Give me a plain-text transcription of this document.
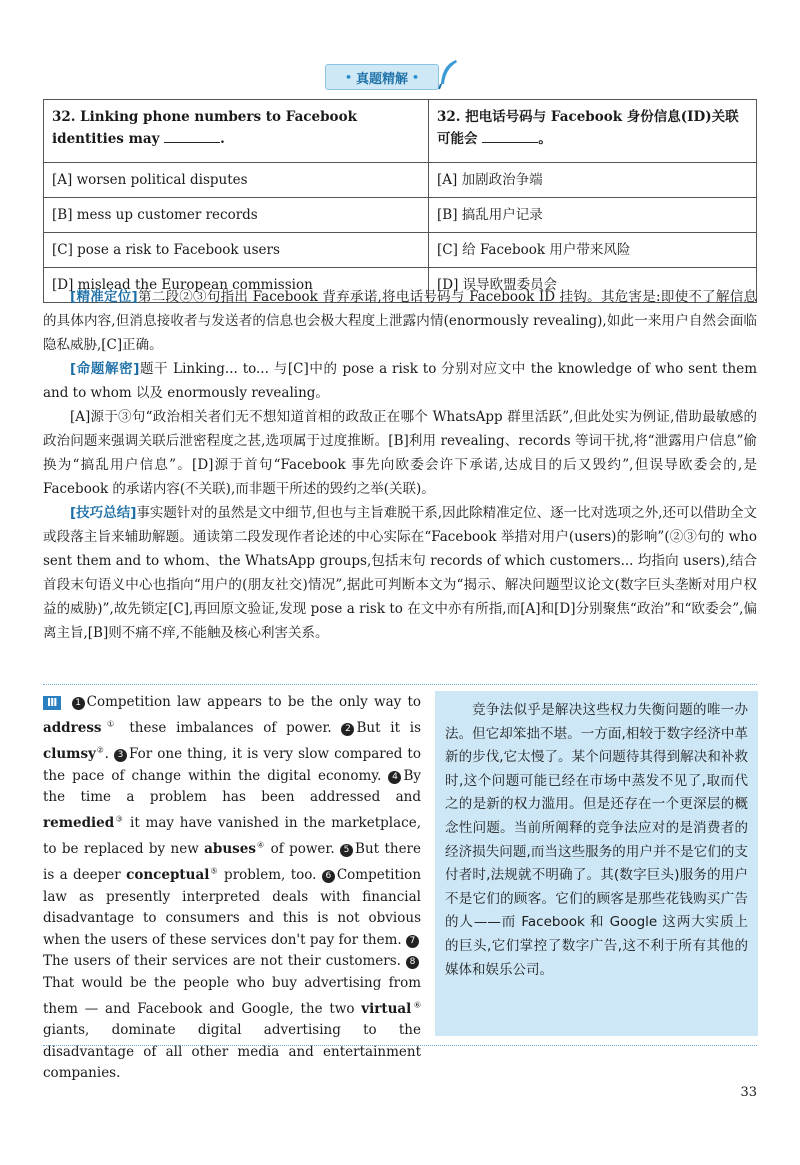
• 真题精解 •
32. Linking phone numbers to Facebook identities may .	32. 把电话号码与 Facebook 身份信息(ID)关联可能会 。
[A] worsen political disputes	[A] 加剧政治争端
[B] mess up customer records	[B] 搞乱用户记录
[C] pose a risk to Facebook users	[C] 给 Facebook 用户带来风险
[D] mislead the European commission	[D] 误导欧盟委员会

[精准定位]第二段②③句指出 Facebook 背弃承诺,将电话号码与 Facebook ID 挂钩。其危害是:即使不了解信息的具体内容,但消息接收者与发送者的信息也会极大程度上泄露内情(enormously revealing),如此一来用户自然会面临隐私威胁,[C]正确。

[命题解密]题干 Linking... to... 与[C]中的 pose a risk to 分别对应文中 the knowledge of who sent them and to whom 以及 enormously revealing。

[A]源于③句“政治相关者们无不想知道首相的政敌正在哪个 WhatsApp 群里活跃”,但此处实为例证,借助最敏感的政治问题来强调关联后泄密程度之甚,选项属于过度推断。[B]利用 revealing、records 等词干扰,将“泄露用户信息”偷换为“搞乱用户信息”。[D]源于首句“Facebook 事先向欧委会许下承诺,达成目的后又毁约”,但误导欧委会的,是 Facebook 的承诺内容(不关联),而非题干所述的毁约之举(关联)。

[技巧总结]事实题针对的虽然是文中细节,但也与主旨难脱干系,因此除精准定位、逐一比对选项之外,还可以借助全文或段落主旨来辅助解题。通读第二段发现作者论述的中心实际在“Facebook 举措对用户(users)的影响”(②③句的 who sent them and to whom、the WhatsApp groups,包括末句 records of which customers... 均指向 users),结合首段末句语义中心也指向“用户的(朋友社交)情况”,据此可判断本文为“揭示、解决问题型议论文(数字巨头垄断对用户权益的威胁)”,故先锁定[C],再回原文验证,发现 pose a risk to 在文中亦有所指,而[A]和[D]分别聚焦“政治”和“欧委会”,偏离主旨,[B]则不痛不痒,不能触及核心利害关系。

Ⅲ 1 Competition law appears to be the only way to address① these imbalances of power. 2 But it is clumsy②. 3 For one thing, it is very slow compared to the pace of change within the digital economy. 4 By the time a problem has been addressed and remedied③ it may have vanished in the marketplace, to be replaced by new abuses④ of power. 5 But there is a deeper conceptual⑤ problem, too. 6 Competition law as presently interpreted deals with financial disadvantage to consumers and this is not obvious when the users of these services don't pay for them. 7The users of their services are not their customers. 8That would be the people who buy advertising from them — and Facebook and Google, the two virtual⑥ giants, dominate digital advertising to the disadvantage of all other media and entertainment companies.

竞争法似乎是解决这些权力失衡问题的唯一办法。但它却笨拙不堪。一方面,相较于数字经济中革新的步伐,它太慢了。某个问题待其得到解决和补救时,这个问题可能已经在市场中蒸发不见了,取而代之的是新的权力滥用。但是还存在一个更深层的概念性问题。当前所阐释的竞争法应对的是消费者的经济损失问题,而当这些服务的用户并不是它们的支付者时,法规就不明确了。其(数字巨头)服务的用户不是它们的顾客。它们的顾客是那些花钱购买广告的人——而 Facebook 和 Google 这两大实质上的巨头,它们掌控了数字广告,这不利于所有其他的媒体和娱乐公司。

33
